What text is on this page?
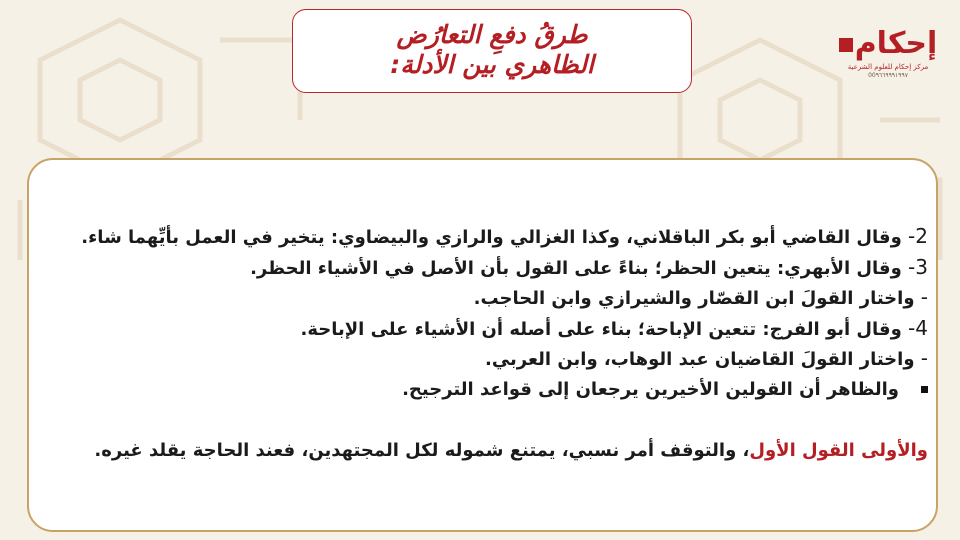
طرقُ دفعِ التعارُض
الظاهري بين الأدلة:
إحكام
مركز إحكام للعلوم الشرعية
00٩٦٦٩٩٩١٩٩٧
2- وقال القاضي أبو بكر الباقلاني، وكذا الغزالي والرازي والبيضاوي: يتخير في العمل بأيِّهما شاء.
3- وقال الأبهري: يتعين الحظر؛ بناءً على القول بأن الأصل في الأشياء الحظر.
- واختار القولَ ابن القصّار والشيرازي وابن الحاجب.
4- وقال أبو الفرج: تتعين الإباحة؛ بناء على أصله أن الأشياء على الإباحة.
- واختار القولَ القاضيان عبد الوهاب، وابن العربي.
والظاهر أن القولين الأخيرين يرجعان إلى قواعد الترجيح.
والأولى القول الأول، والتوقف أمر نسبي، يمتنع شموله لكل المجتهدين، فعند الحاجة يقلد غيره.
